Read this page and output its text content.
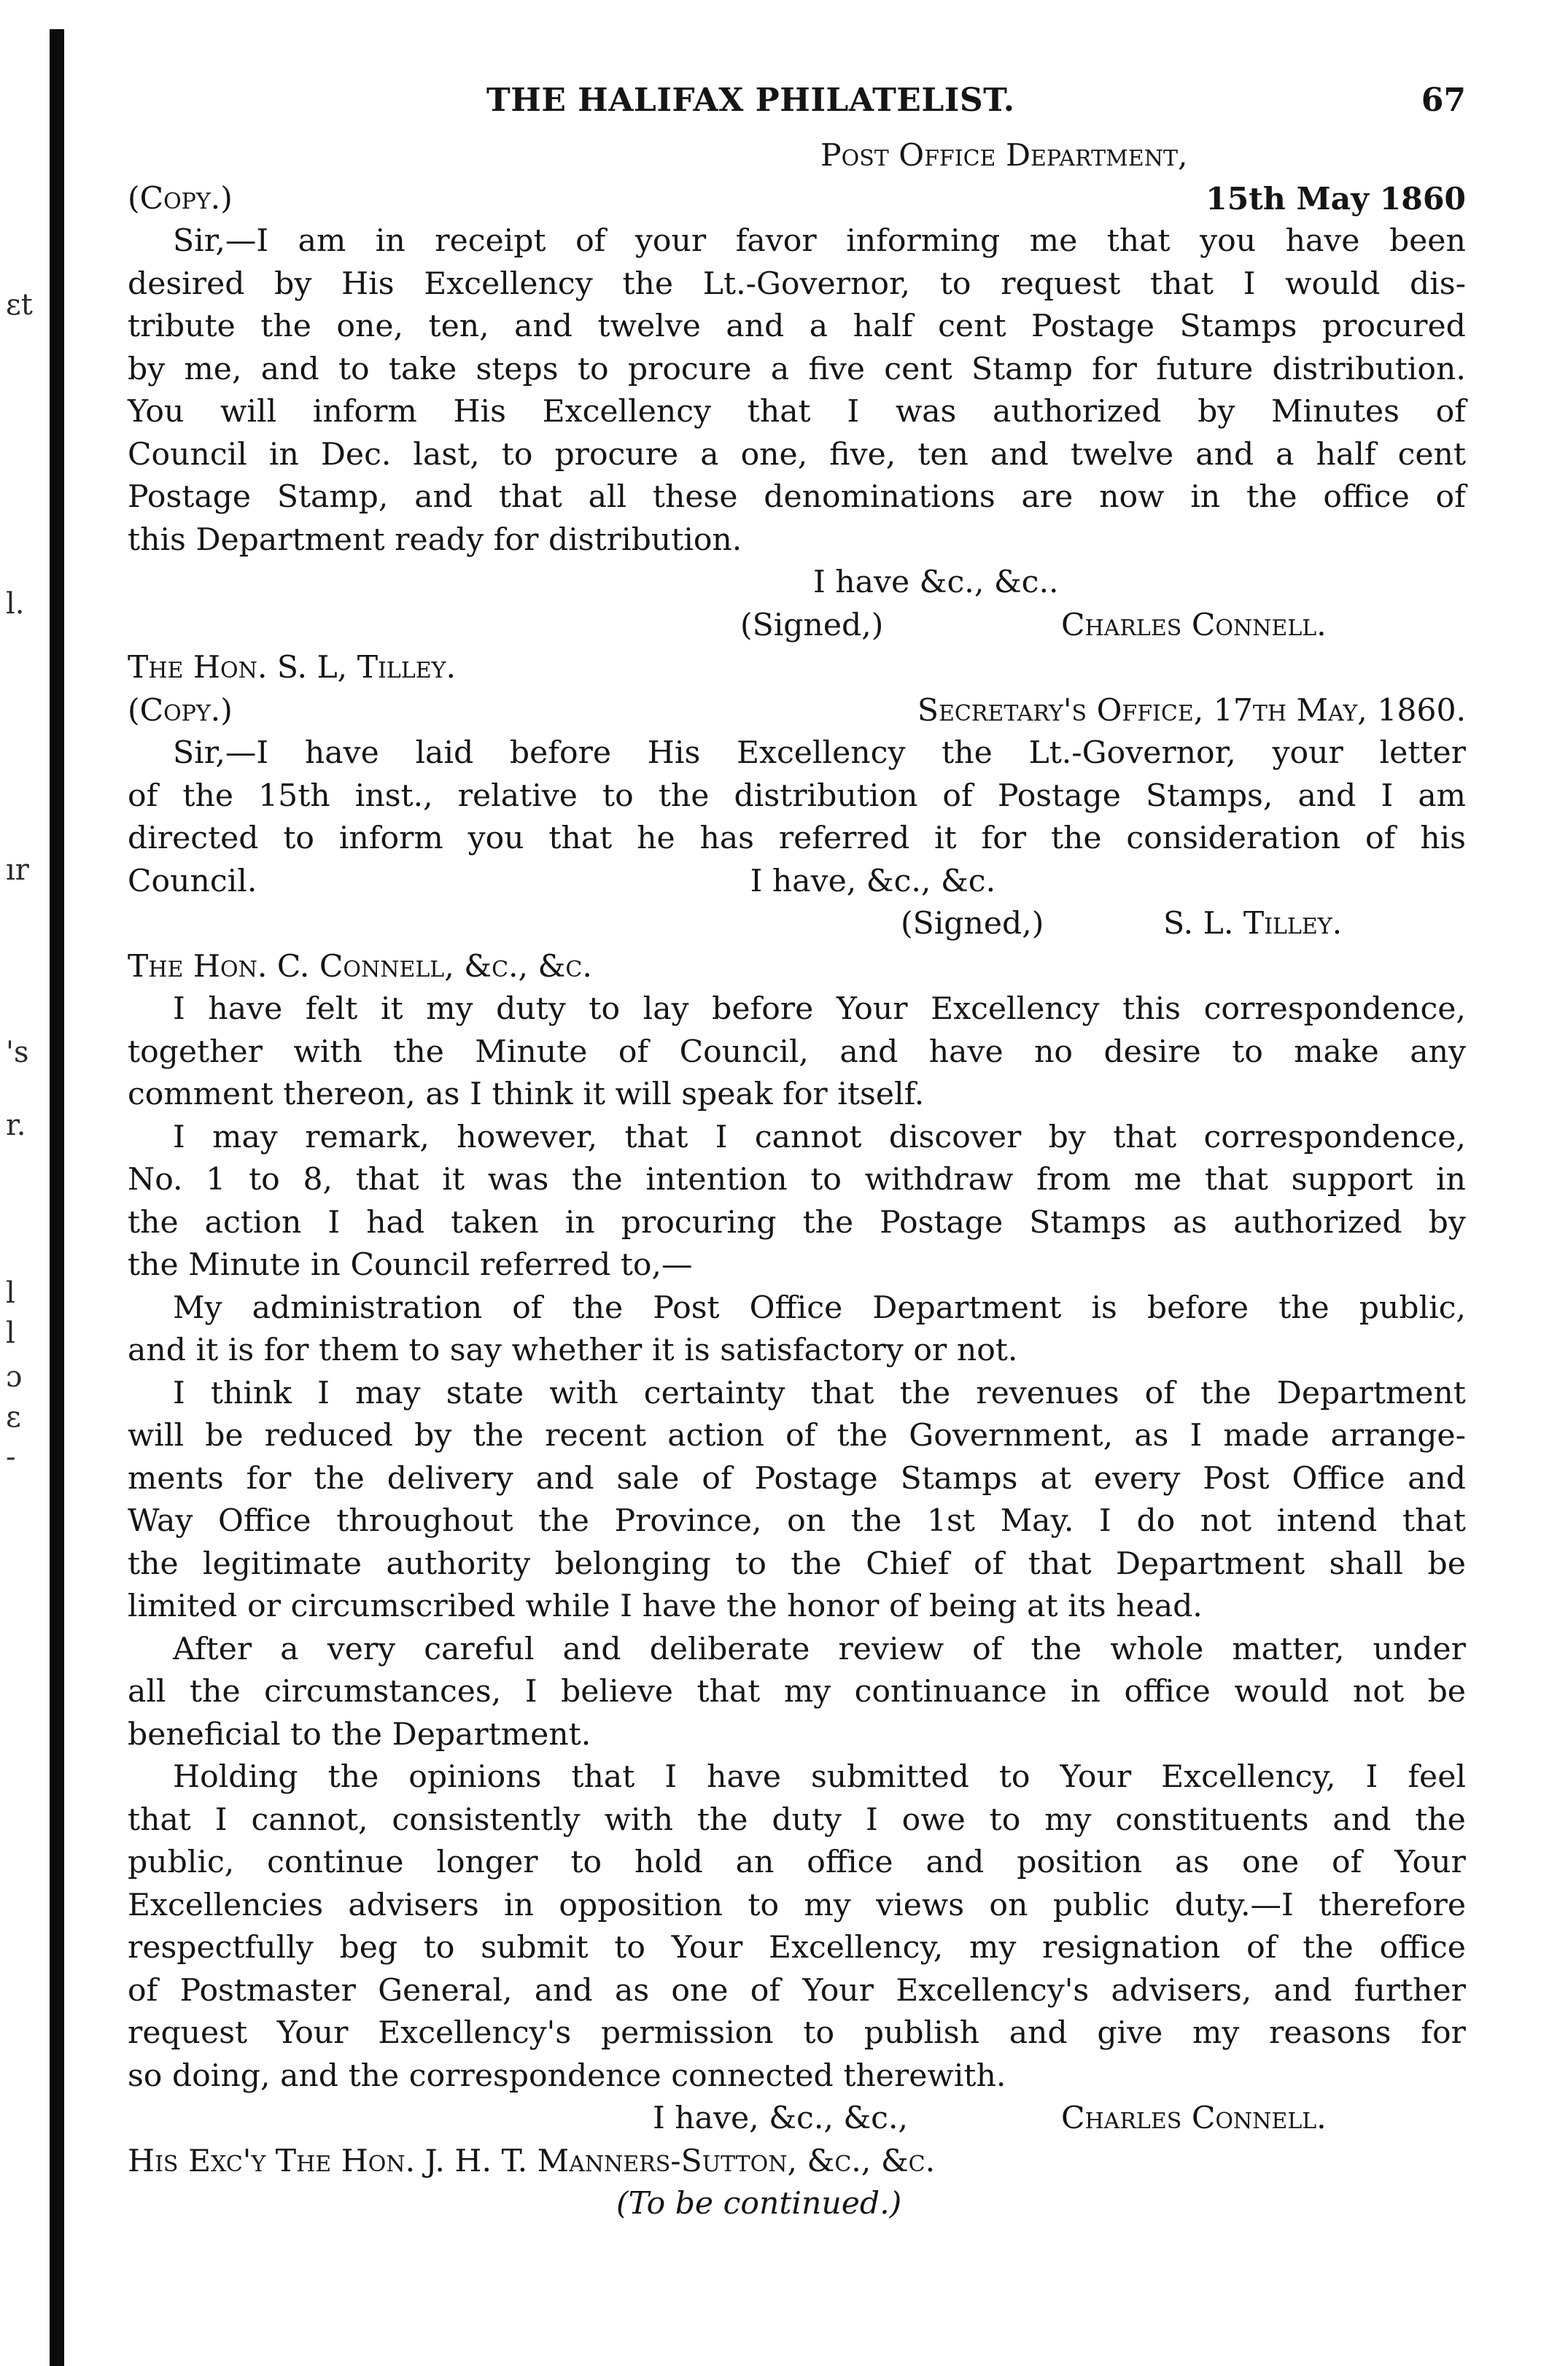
ɛt
l.
ır
's
r.
l
l
ɔ
ɛ
-
THE HALIFAX PHILATELIST.	67
Post Office Department,
(Copy.)	15th May 1860
Sir,—I am in receipt of your favor informing me that you have been
desired by His Excellency the Lt.-Governor, to request that I would dis-
tribute the one, ten, and twelve and a half cent Postage Stamps procured
by me, and to take steps to procure a five cent Stamp for future distribution.
You will inform His Excellency that I was authorized by Minutes of
Council in Dec. last, to procure a one, five, ten and twelve and a half cent
Postage Stamp, and that all these denominations are now in the office of
this Department ready for distribution.
I have &c., &c..
(Signed,)	Charles Connell.
The Hon. S. L, Tilley.
(Copy.)	Secretary's Office, 17th May, 1860.
Sir,—I have laid before His Excellency the Lt.-Governor, your letter
of the 15th inst., relative to the distribution of Postage Stamps, and I am
directed to inform you that he has referred it for the consideration of his
Council.	I have, &c., &c.
(Signed,)	S. L. Tilley.
The Hon. C. Connell, &c., &c.
I have felt it my duty to lay before Your Excellency this correspondence,
together with the Minute of Council, and have no desire to make any
comment thereon, as I think it will speak for itself.
I may remark, however, that I cannot discover by that correspondence,
No. 1 to 8, that it was the intention to withdraw from me that support in
the action I had taken in procuring the Postage Stamps as authorized by
the Minute in Council referred to,—
My administration of the Post Office Department is before the public,
and it is for them to say whether it is satisfactory or not.
I think I may state with certainty that the revenues of the Department
will be reduced by the recent action of the Government, as I made arrange-
ments for the delivery and sale of Postage Stamps at every Post Office and
Way Office throughout the Province, on the 1st May. I do not intend that
the legitimate authority belonging to the Chief of that Department shall be
limited or circumscribed while I have the honor of being at its head.
After a very careful and deliberate review of the whole matter, under
all the circumstances, I believe that my continuance in office would not be
beneficial to the Department.
Holding the opinions that I have submitted to Your Excellency, I feel
that I cannot, consistently with the duty I owe to my constituents and the
public, continue longer to hold an office and position as one of Your
Excellencies advisers in opposition to my views on public duty.—I therefore
respectfully beg to submit to Your Excellency, my resignation of the office
of Postmaster General, and as one of Your Excellency's advisers, and further
request Your Excellency's permission to publish and give my reasons for
so doing, and the correspondence connected therewith.
I have, &c., &c.,	Charles Connell.
His Exc'y The Hon. J. H. T. Manners-Sutton, &c., &c.
(To be continued.)
